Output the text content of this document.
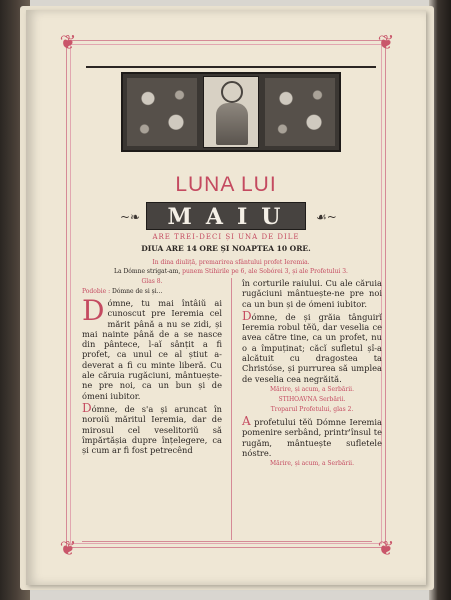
❦	❦
❦	❦
LUNA LUI
~❧	MAIU	☙~
ARE TREI-DECI ȘI UNA DE DILE
DIUA ARE 14 ORE ȘI NOAPTEA 10 ORE.
In dina diuliță, premarirea sfântului profet Ieremia.
La Dómne strigat-am, punem Stihirile pe 6, ale Sobórei 3, și ale Profetului 3.

Glas 8.

Podobie : Dómne de si și...

D ómne, tu mai întâiŭ ai cunoscut pre Ieremia cel mărit până a nu se zidi, și mai nainte până de a se nasce din pântece, l-aĭ sânțit a fi profet, ca unul ce al știut a-deverat a fi cu minte liberă. Cu ale căruia rugăciuni, mântuește-ne pre noi, ca un bun și de ómeni iubitor.

Dómne, de s'a și aruncat în noroiŭ măritul Ieremia, dar de mirosul cel veselitoriŭ să împărtășia dupre înțelegere, ca și cum ar fi fost petrecênd

în corturile raiului. Cu ale căruia rugăciuni mântuește-ne pre noi ca un bun și de ómeni iubitor.

Dómne, de și grăia tânguirĭ Ieremia robul tĕŭ, dar veselia ce avea către tine, ca un profet, nu o a împuținat; căcĭ sufletul șî-a alcătuit cu dragostea ta Christóse, și purrurea să umplea de veselia cea negrăită.

Mărire, și acum, a Serbării.

STIHOAVNA Serbării.

Troparul Profetului, glas 2.

A profetului tĕŭ Dómne Ieremia pomenire serbând, printr'însul te rugăm, mântuește sufletele nóstre.

Mărire, și acum, a Serbării.
